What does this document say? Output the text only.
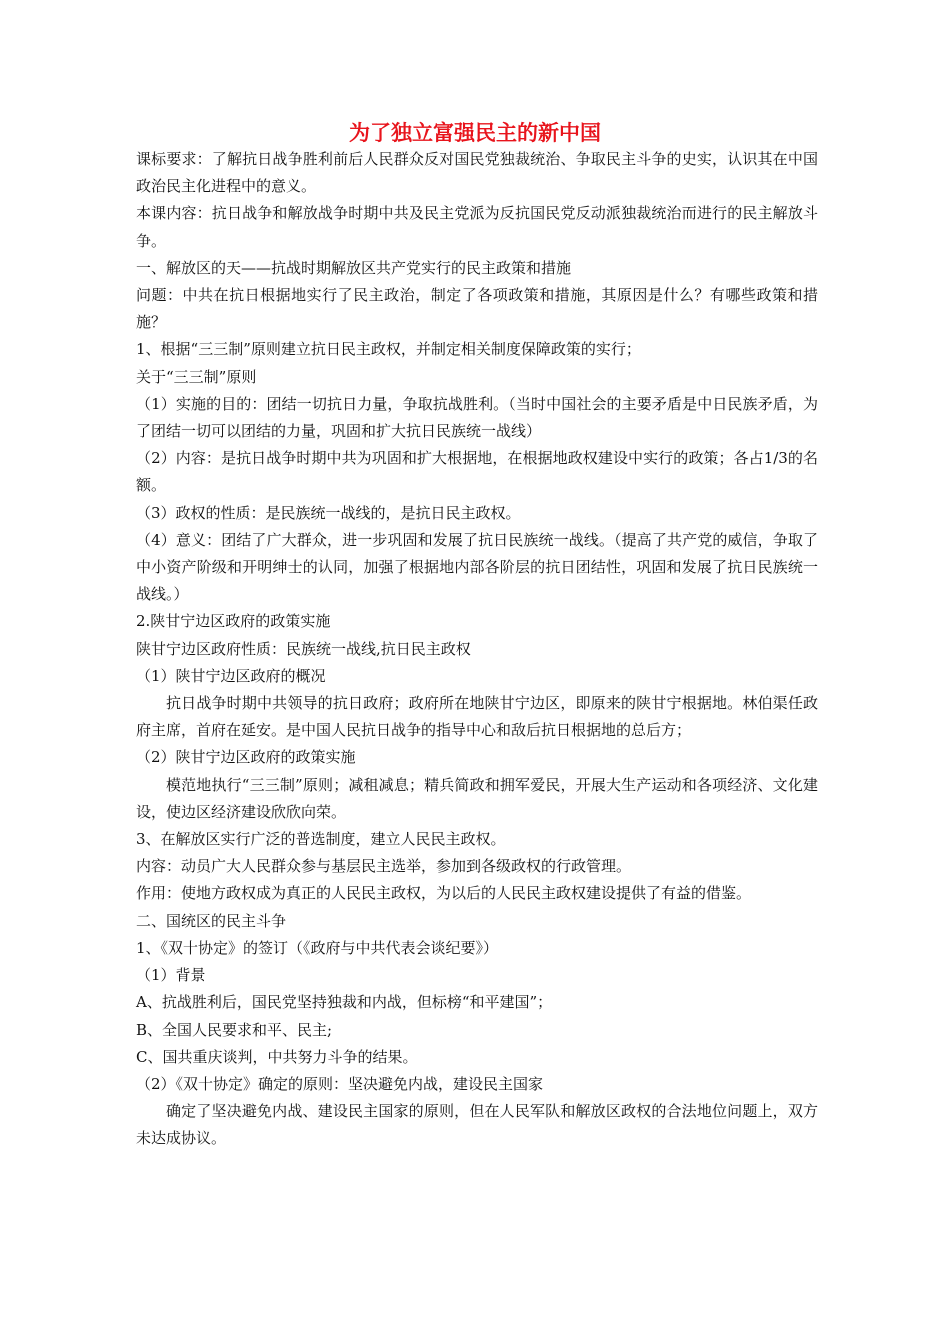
为了独立富强民主的新中国

课标要求：了解抗日战争胜利前后人民群众反对国民党独裁统治、争取民主斗争的史实，认识其在中国政治民主化进程中的意义。

本课内容：抗日战争和解放战争时期中共及民主党派为反抗国民党反动派独裁统治而进行的民主解放斗争。

一、解放区的天——抗战时期解放区共产党实行的民主政策和措施

问题：中共在抗日根据地实行了民主政治，制定了各项政策和措施，其原因是什么？有哪些政策和措施？

1、根据“三三制”原则建立抗日民主政权，并制定相关制度保障政策的实行；

关于“三三制”原则

（1）实施的目的：团结一切抗日力量，争取抗战胜利。（当时中国社会的主要矛盾是中日民族矛盾，为了团结一切可以团结的力量，巩固和扩大抗日民族统一战线）

（2）内容：是抗日战争时期中共为巩固和扩大根据地，在根据地政权建设中实行的政策；各占1/3的名额。

（3）政权的性质：是民族统一战线的，是抗日民主政权。

（4）意义：团结了广大群众，进一步巩固和发展了抗日民族统一战线。（提高了共产党的威信，争取了中小资产阶级和开明绅士的认同，加强了根据地内部各阶层的抗日团结性，巩固和发展了抗日民族统一战线。）

2.陕甘宁边区政府的政策实施

陕甘宁边区政府性质：民族统一战线,抗日民主政权

（1）陕甘宁边区政府的概况

抗日战争时期中共领导的抗日政府；政府所在地陕甘宁边区，即原来的陕甘宁根据地。林伯渠任政府主席，首府在延安。是中国人民抗日战争的指导中心和敌后抗日根据地的总后方；

（2）陕甘宁边区政府的政策实施

模范地执行“三三制”原则；减租减息；精兵简政和拥军爱民，开展大生产运动和各项经济、文化建设，使边区经济建设欣欣向荣。

3、在解放区实行广泛的普选制度，建立人民民主政权。

内容：动员广大人民群众参与基层民主选举，参加到各级政权的行政管理。

作用：使地方政权成为真正的人民民主政权，为以后的人民民主政权建设提供了有益的借鉴。

二、国统区的民主斗争

1、《双十协定》的签订（《政府与中共代表会谈纪要》）

（1）背景

A、抗战胜利后，国民党坚持独裁和内战，但标榜“和平建国”；

B、全国人民要求和平、民主;

C、国共重庆谈判，中共努力斗争的结果。

（2）《双十协定》确定的原则：坚决避免内战，建设民主国家

确定了坚决避免内战、建设民主国家的原则，但在人民军队和解放区政权的合法地位问题上，双方未达成协议。
